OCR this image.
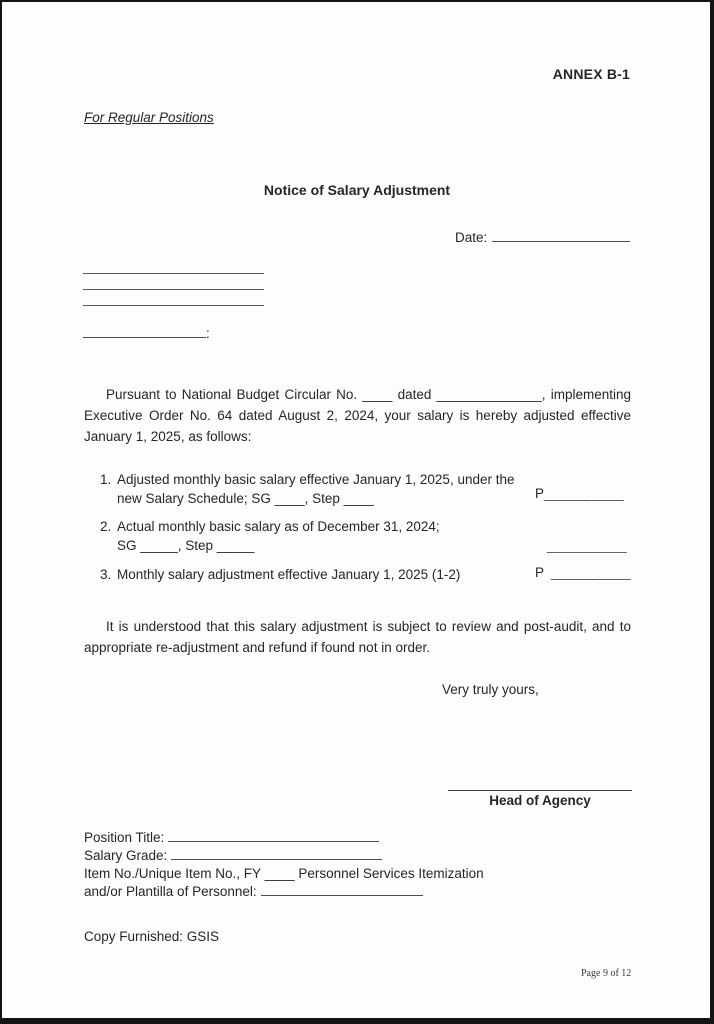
ANNEX B-1
For Regular Positions
Notice of Salary Adjustment
Date:
:
Pursuant to National Budget Circular No. ____ dated ______________, implementing Executive Order No. 64 dated August 2, 2024, your salary is hereby adjusted effective January 1, 2025, as follows:
1. Adjusted monthly basic salary effective January 1, 2025, under the
new Salary Schedule; SG ____, Step ____	P__________
2. Actual monthly basic salary as of December 31, 2024;
SG _____, Step _____	__________
3. Monthly salary adjustment effective January 1, 2025 (1-2)	P __________
It is understood that this salary adjustment is subject to review and post-audit, and to appropriate re-adjustment and refund if found not in order.
Very truly yours,
Head of Agency
Position Title:
Salary Grade:
Item No./Unique Item No., FY ____ Personnel Services Itemization
and/or Plantilla of Personnel:
Copy Furnished: GSIS
Page 9 of 12
